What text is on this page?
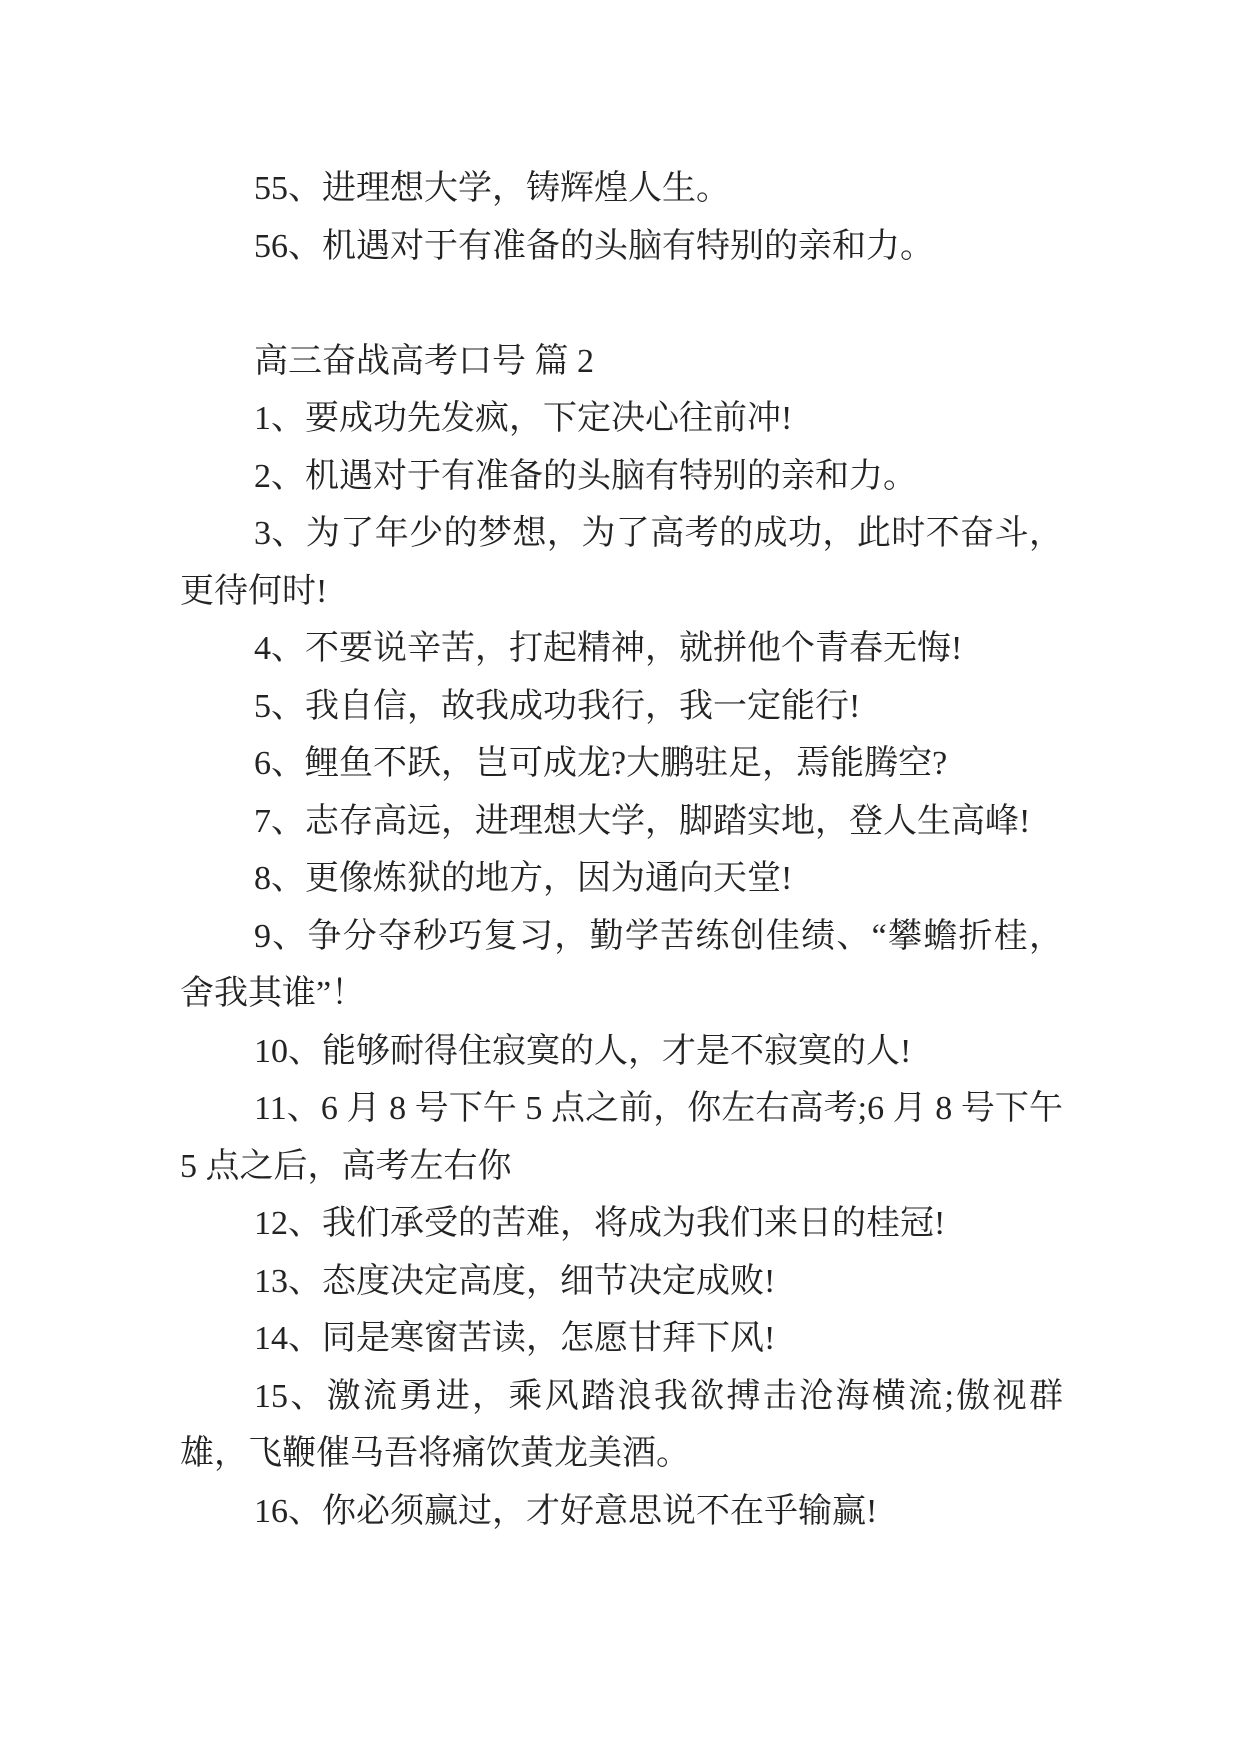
55、进理想大学，铸辉煌人生。

56、机遇对于有准备的头脑有特别的亲和力。

高三奋战高考口号 篇 2

1、要成功先发疯，下定决心往前冲!

2、机遇对于有准备的头脑有特别的亲和力。

3、为了年少的梦想，为了高考的成功，此时不奋斗，更待何时!

4、不要说辛苦，打起精神，就拼他个青春无悔!

5、我自信，故我成功我行，我一定能行!

6、鲤鱼不跃，岂可成龙?大鹏驻足，焉能腾空?

7、志存高远，进理想大学，脚踏实地，登人生高峰!

8、更像炼狱的地方，因为通向天堂!

9、争分夺秒巧复习，勤学苦练创佳绩、“攀蟾折桂，舍我其谁”！

10、能够耐得住寂寞的人，才是不寂寞的人!

11、6 月 8 号下午 5 点之前，你左右高考;6 月 8 号下午 5 点之后，高考左右你

12、我们承受的苦难，将成为我们来日的桂冠!

13、态度决定高度，细节决定成败!

14、同是寒窗苦读，怎愿甘拜下风!

15、激流勇进，乘风踏浪我欲搏击沧海横流;傲视群雄，飞鞭催马吾将痛饮黄龙美酒。

16、你必须赢过，才好意思说不在乎输赢!
